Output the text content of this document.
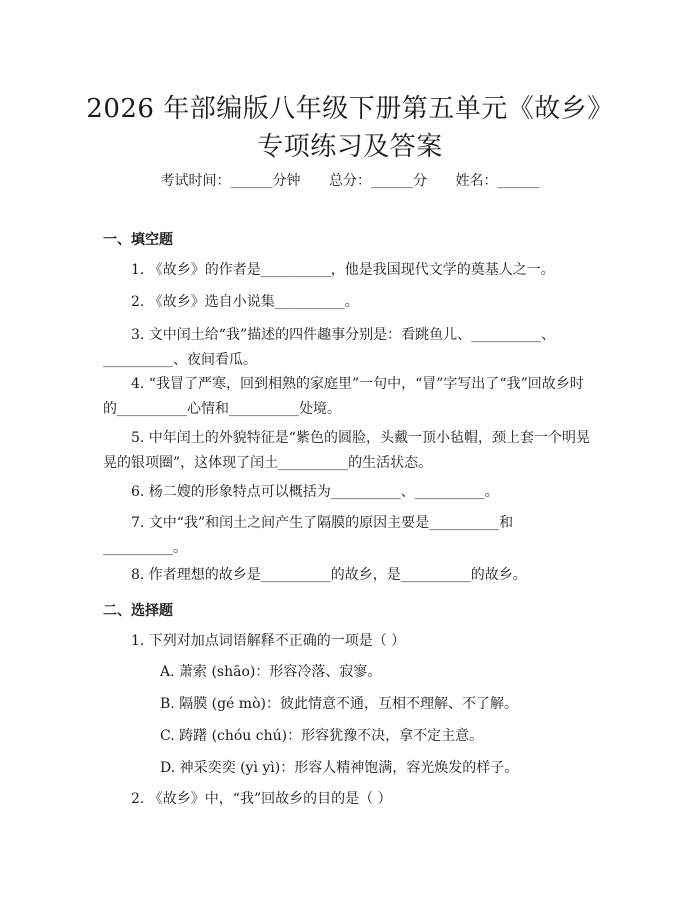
2026 年部编版八年级下册第五单元《故乡》
专项练习及答案
考试时间：______分钟 总分：______分 姓名：______
一、填空题
1. 《故乡》的作者是__________，他是我国现代文学的奠基人之一。
2. 《故乡》选自小说集__________。
3. 文中闰土给“我”描述的四件趣事分别是：看跳鱼儿、__________、__________、夜间看瓜。
4. “我冒了严寒，回到相熟的家庭里”一句中，“冒”字写出了“我”回故乡时的__________心情和__________处境。
5. 中年闰土的外貌特征是“紫色的圆脸，头戴一顶小毡帽，颈上套一个明晃晃的银项圈”，这体现了闰土__________的生活状态。
6. 杨二嫂的形象特点可以概括为__________、__________。
7. 文中“我”和闰土之间产生了隔膜的原因主要是__________和__________。
8. 作者理想的故乡是__________的故乡，是__________的故乡。
二、选择题
1. 下列对加点词语解释不正确的一项是（ ）
A. 萧索 (shāo)：形容冷落、寂寥。
B. 隔膜 (gé mò)：彼此情意不通，互相不理解、不了解。
C. 踌躇 (chóu chú)：形容犹豫不决，拿不定主意。
D. 神采奕奕 (yì yì)：形容人精神饱满，容光焕发的样子。
2. 《故乡》中，“我”回故乡的目的是（ ）
